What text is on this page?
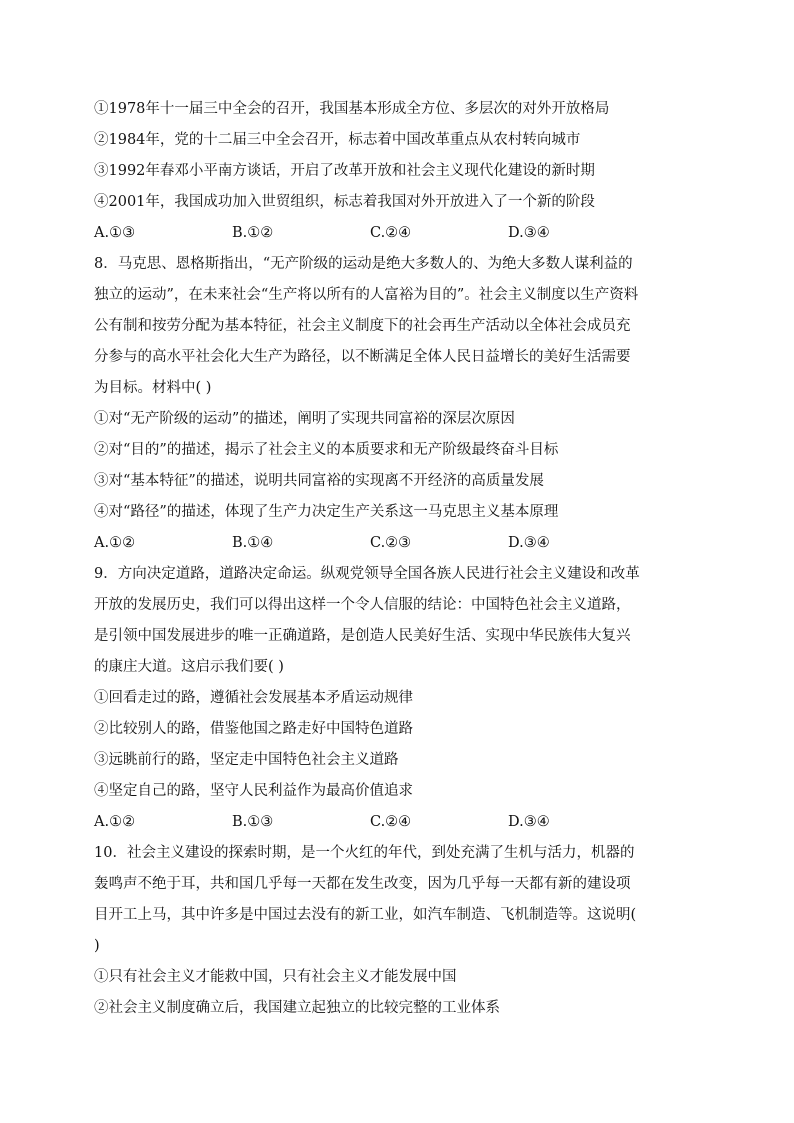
①1978年十一届三中全会的召开，我国基本形成全方位、多层次的对外开放格局
②1984年，党的十二届三中全会召开，标志着中国改革重点从农村转向城市
③1992年春邓小平南方谈话，开启了改革开放和社会主义现代化建设的新时期
④2001年，我国成功加入世贸组织，标志着我国对外开放进入了一个新的阶段
A.①③	B.①②	C.②④	D.③④
8．马克思、恩格斯指出，“无产阶级的运动是绝大多数人的、为绝大多数人谋利益的
独立的运动”，在未来社会“生产将以所有的人富裕为目的”。社会主义制度以生产资料
公有制和按劳分配为基本特征，社会主义制度下的社会再生产活动以全体社会成员充
分参与的高水平社会化大生产为路径，以不断满足全体人民日益增长的美好生活需要
为目标。材料中( )
①对“无产阶级的运动”的描述，阐明了实现共同富裕的深层次原因
②对“目的”的描述，揭示了社会主义的本质要求和无产阶级最终奋斗目标
③对“基本特征”的描述，说明共同富裕的实现离不开经济的高质量发展
④对“路径”的描述，体现了生产力决定生产关系这一马克思主义基本原理
A.①②	B.①④	C.②③	D.③④
9．方向决定道路，道路决定命运。纵观党领导全国各族人民进行社会主义建设和改革
开放的发展历史，我们可以得出这样一个令人信服的结论：中国特色社会主义道路，
是引领中国发展进步的唯一正确道路，是创造人民美好生活、实现中华民族伟大复兴
的康庄大道。这启示我们要( )
①回看走过的路，遵循社会发展基本矛盾运动规律
②比较别人的路，借鉴他国之路走好中国特色道路
③远眺前行的路，坚定走中国特色社会主义道路
④坚定自己的路，坚守人民利益作为最高价值追求
A.①②	B.①③	C.②④	D.③④
10．社会主义建设的探索时期，是一个火红的年代，到处充满了生机与活力，机器的
轰鸣声不绝于耳，共和国几乎每一天都在发生改变，因为几乎每一天都有新的建设项
目开工上马，其中许多是中国过去没有的新工业，如汽车制造、飞机制造等。这说明(
)
①只有社会主义才能救中国，只有社会主义才能发展中国
②社会主义制度确立后，我国建立起独立的比较完整的工业体系
